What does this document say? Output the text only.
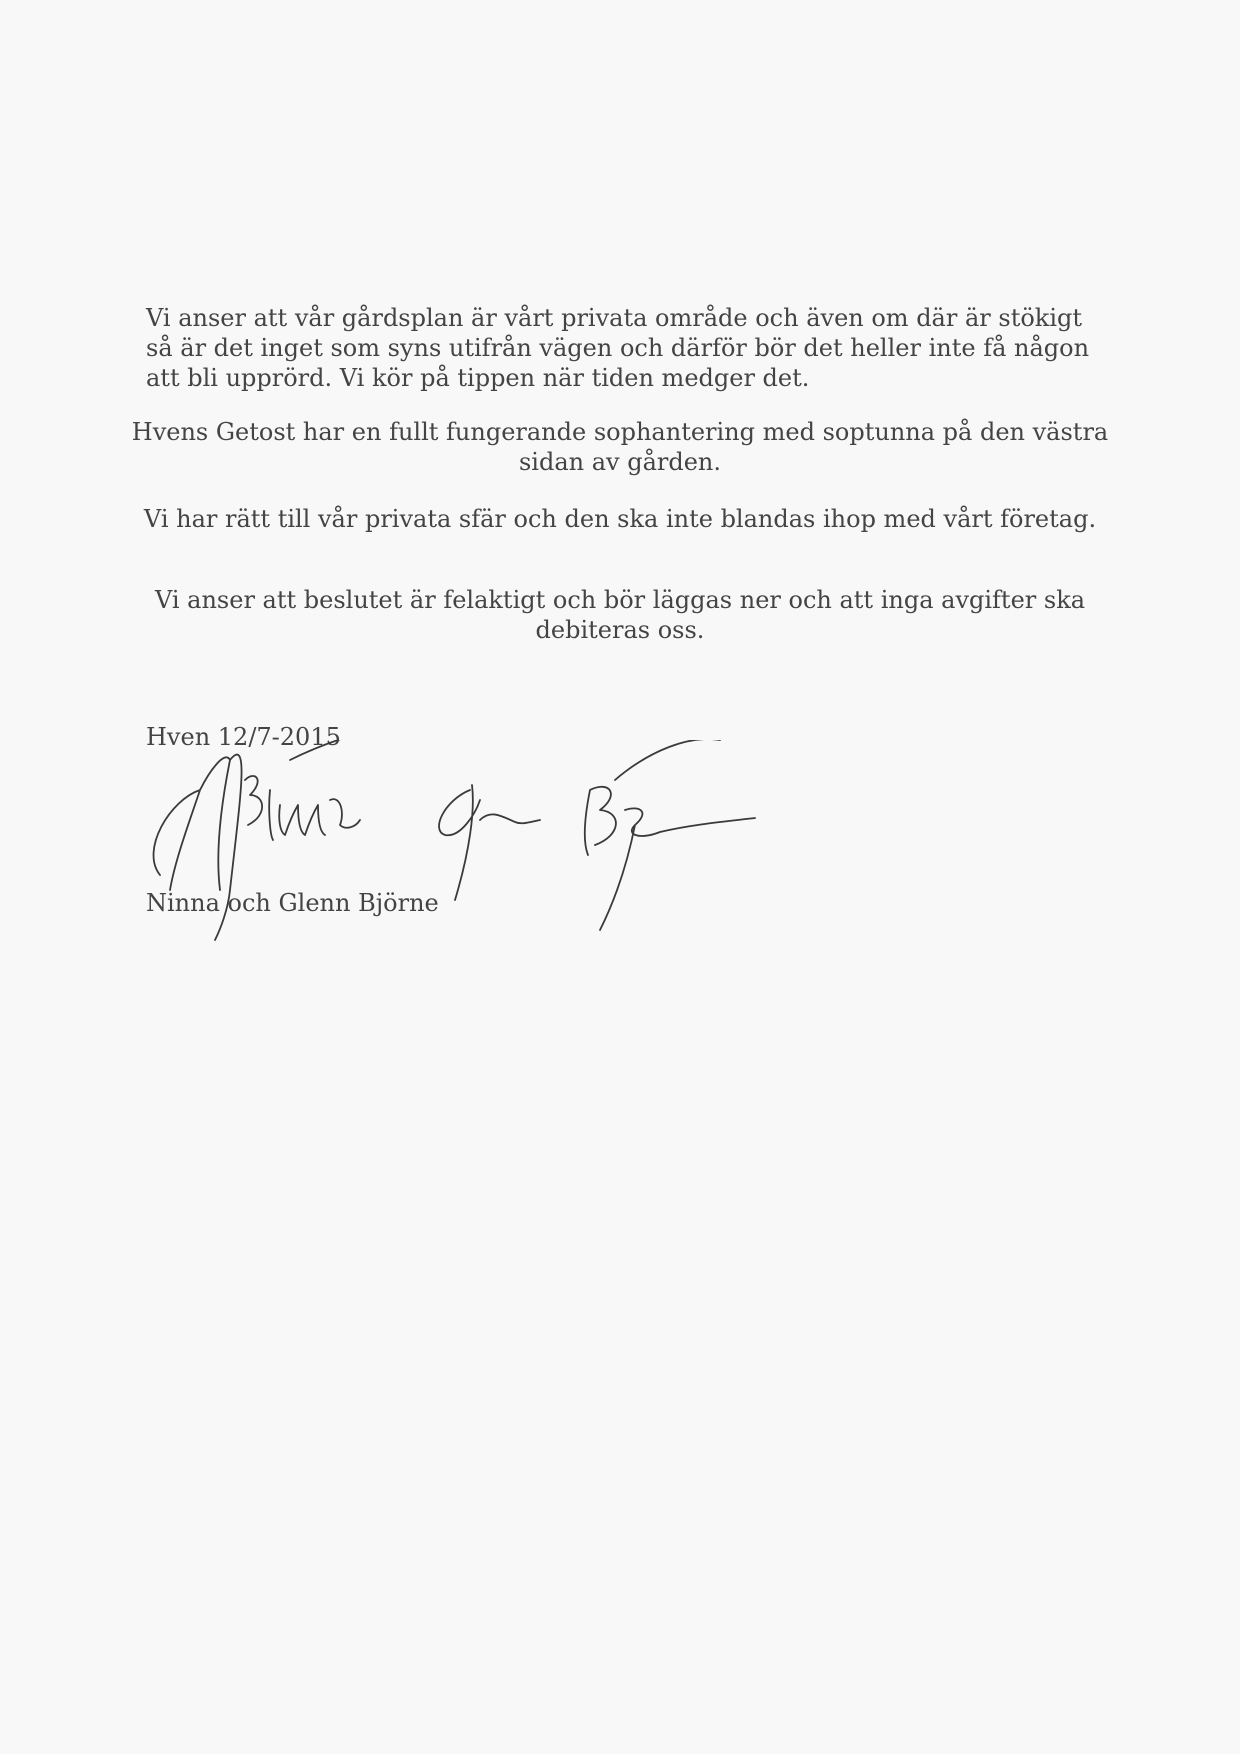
Vi anser att vår gårdsplan är vårt privata område och även om där är stökigt så är det inget som syns utifrån vägen och därför bör det heller inte få någon att bli upprörd. Vi kör på tippen när tiden medger det.

Hvens Getost har en fullt fungerande sophantering med soptunna på den västra sidan av gården.

Vi har rätt till vår privata sfär och den ska inte blandas ihop med vårt företag.

Vi anser att beslutet är felaktigt och bör läggas ner och att inga avgifter ska debiteras oss.

Hven 12/7-2015

Ninna och Glenn Björne
